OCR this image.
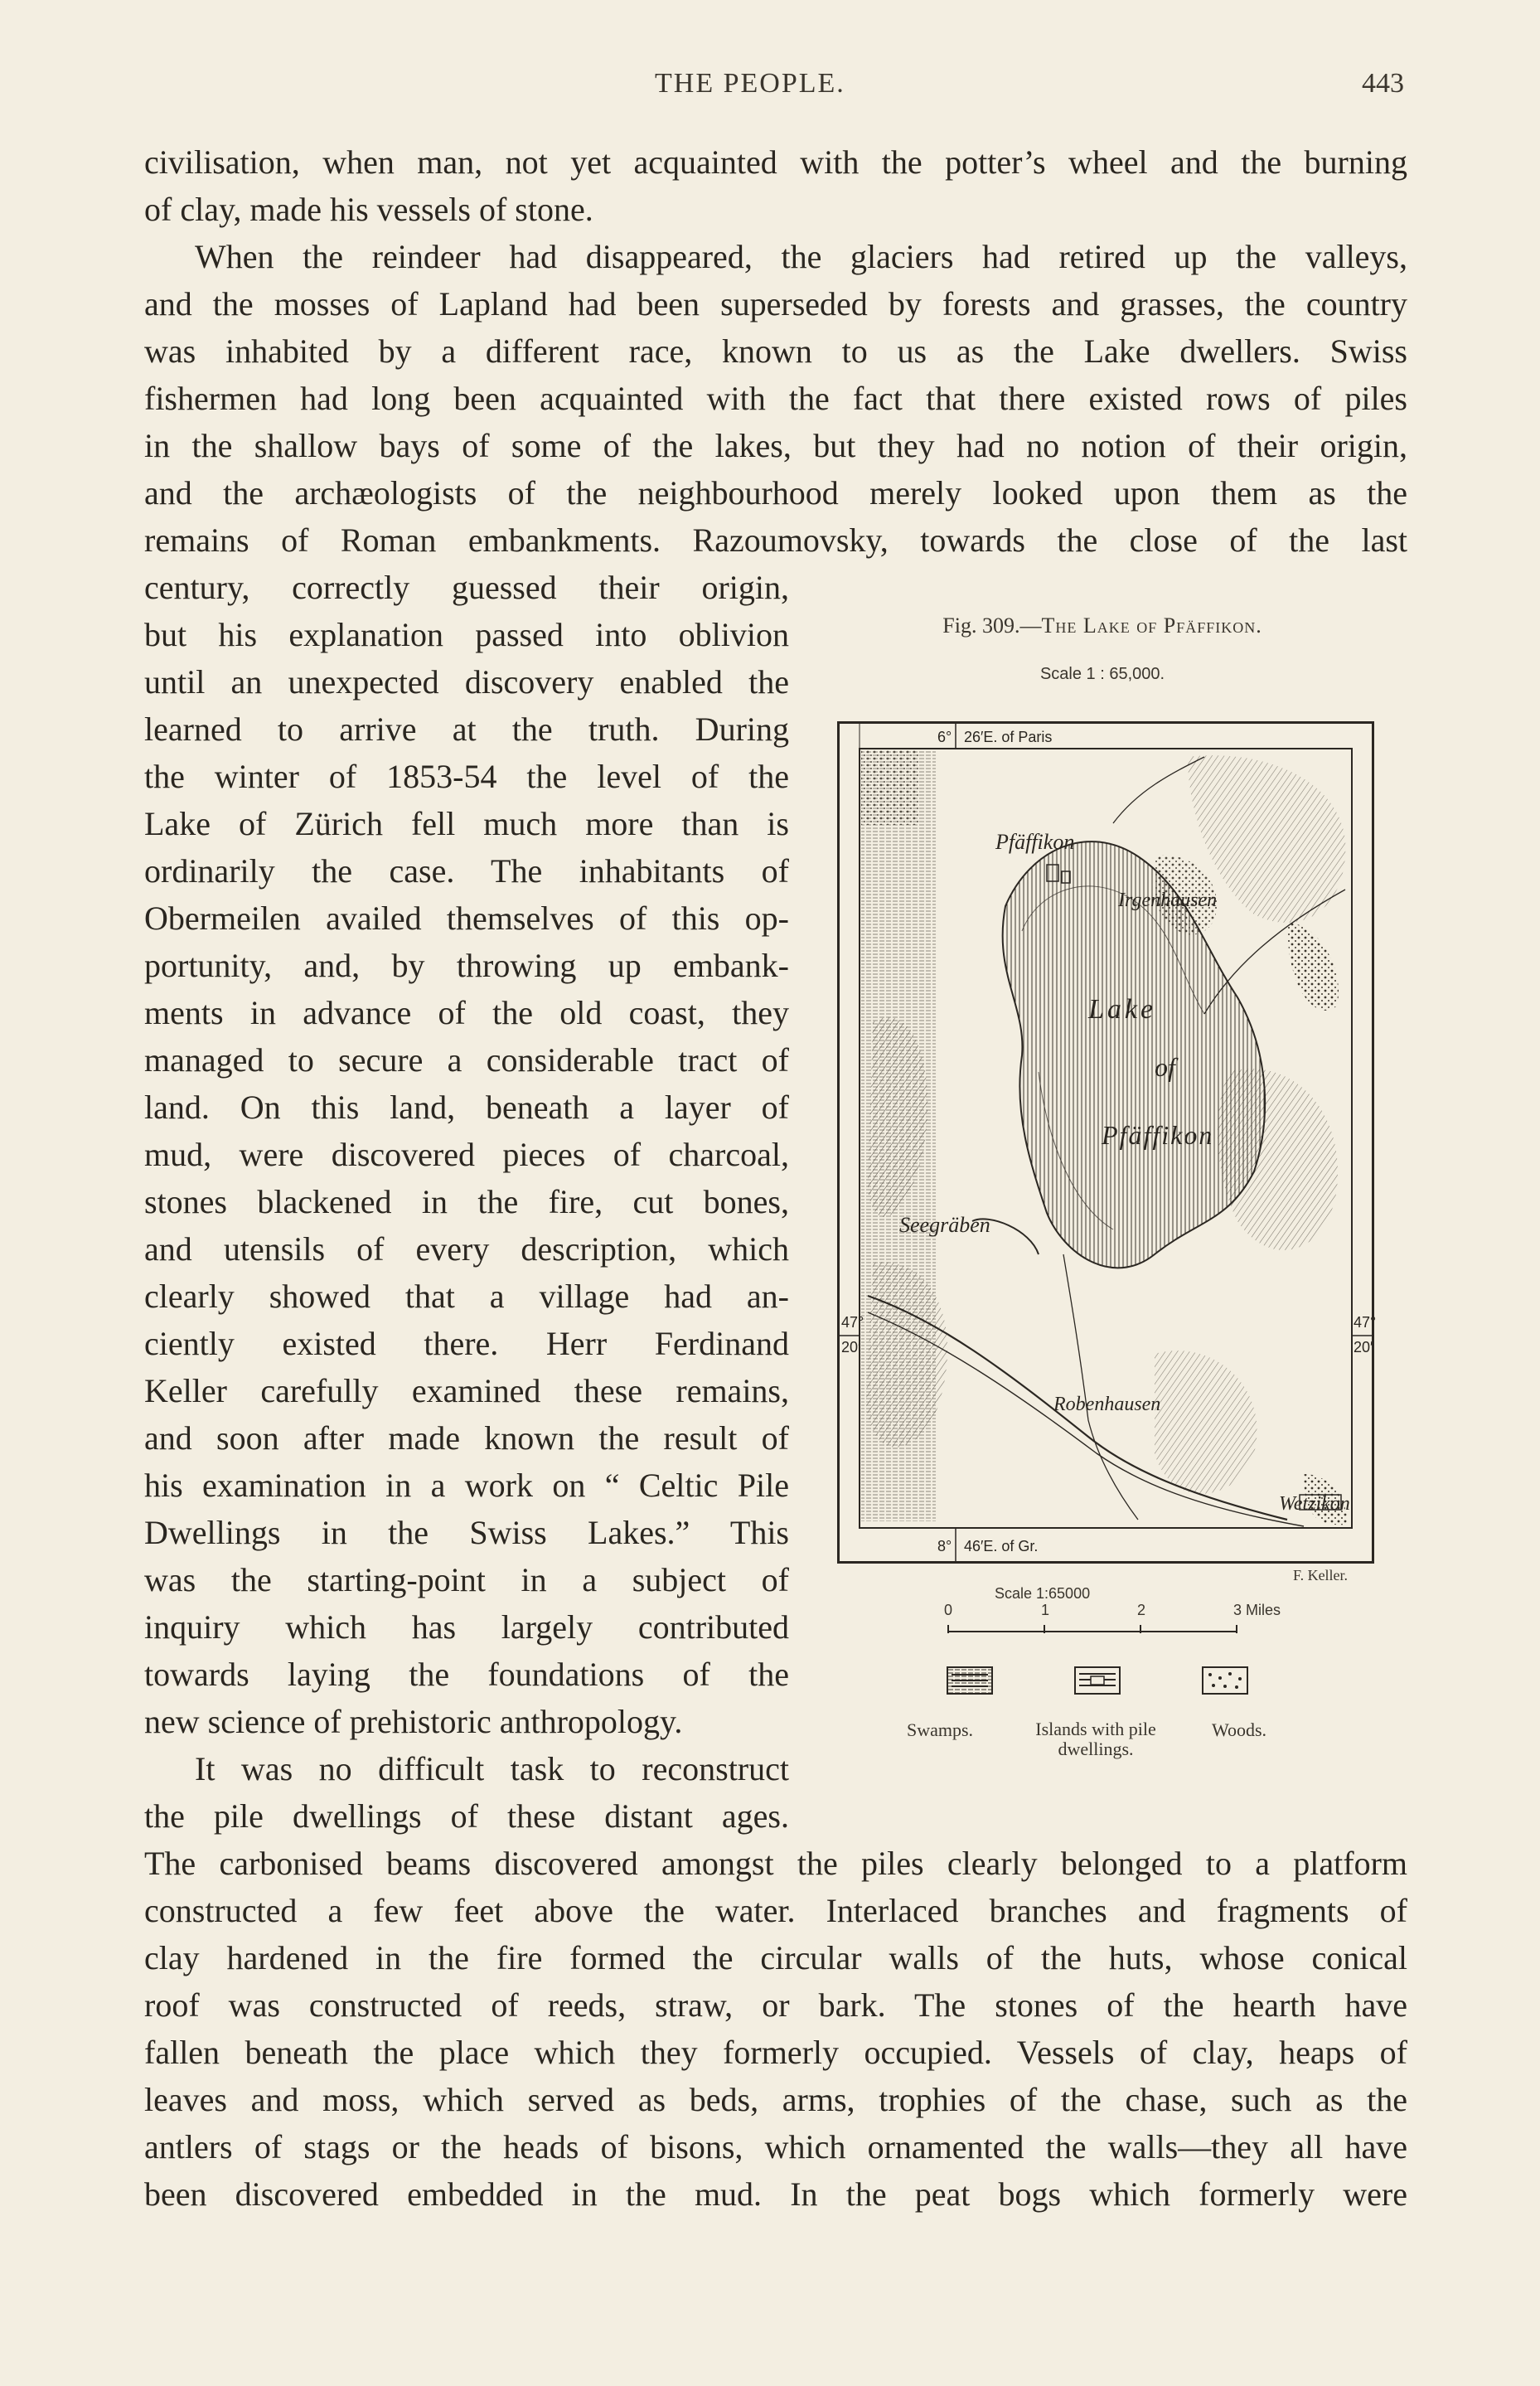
THE PEOPLE.	443
civilisation, when man, not yet acquainted with the potter’s wheel and the burning
of clay, made his vessels of stone.
When the reindeer had disappeared, the glaciers had retired up the valleys,
and the mosses of Lapland had been superseded by forests and grasses, the country
was inhabited by a different race, known to us as the Lake dwellers. Swiss
fishermen had long been acquainted with the fact that there existed rows of piles
in the shallow bays of some of the lakes, but they had no notion of their origin,
and the archæologists of the neighbourhood merely looked upon them as the
remains of Roman embankments. Razoumovsky, towards the close of the last
century, correctly guessed their origin,
but his explanation passed into oblivion
until an unexpected discovery enabled the
learned to arrive at the truth. During
the winter of 1853-54 the level of the
Lake of Zürich fell much more than is
ordinarily the case. The inhabitants of
Obermeilen availed themselves of this op-
portunity, and, by throwing up embank-
ments in advance of the old coast, they
managed to secure a considerable tract of
land. On this land, beneath a layer of
mud, were discovered pieces of charcoal,
stones blackened in the fire, cut bones,
and utensils of every description, which
clearly showed that a village had an-
ciently existed there. Herr Ferdinand
Keller carefully examined these remains,
and soon after made known the result of
his examination in a work on “ Celtic Pile
Dwellings in the Swiss Lakes.” This
was the starting-point in a subject of
inquiry which has largely contributed
towards laying the foundations of the
new science of prehistoric anthropology.
It was no difficult task to reconstruct
the pile dwellings of these distant ages.
The carbonised beams discovered amongst the piles clearly belonged to a platform
constructed a few feet above the water. Interlaced branches and fragments of
clay hardened in the fire formed the circular walls of the huts, whose conical
roof was constructed of reeds, straw, or bark. The stones of the hearth have
fallen beneath the place which they formerly occupied. Vessels of clay, heaps of
leaves and moss, which served as beds, arms, trophies of the chase, such as the
antlers of stags or the heads of bisons, which ornamented the walls—they all have
been discovered embedded in the mud. In the peat bogs which formerly were
Fig. 309.—The Lake of Pfäffikon.
Scale 1 : 65,000.
6° 26′E. of Paris
8° 46′E. of Gr.
47°
20′
47°
20′
Pfäffikon
Irgenhausen
Lake
of
Pfäffikon
Seegräben
Robenhausen
Wetzikon
F. Keller.
Scale 1:65000
0	1	2	3 Miles
Swamps.	Islands with pile dwellings.
Woods.
